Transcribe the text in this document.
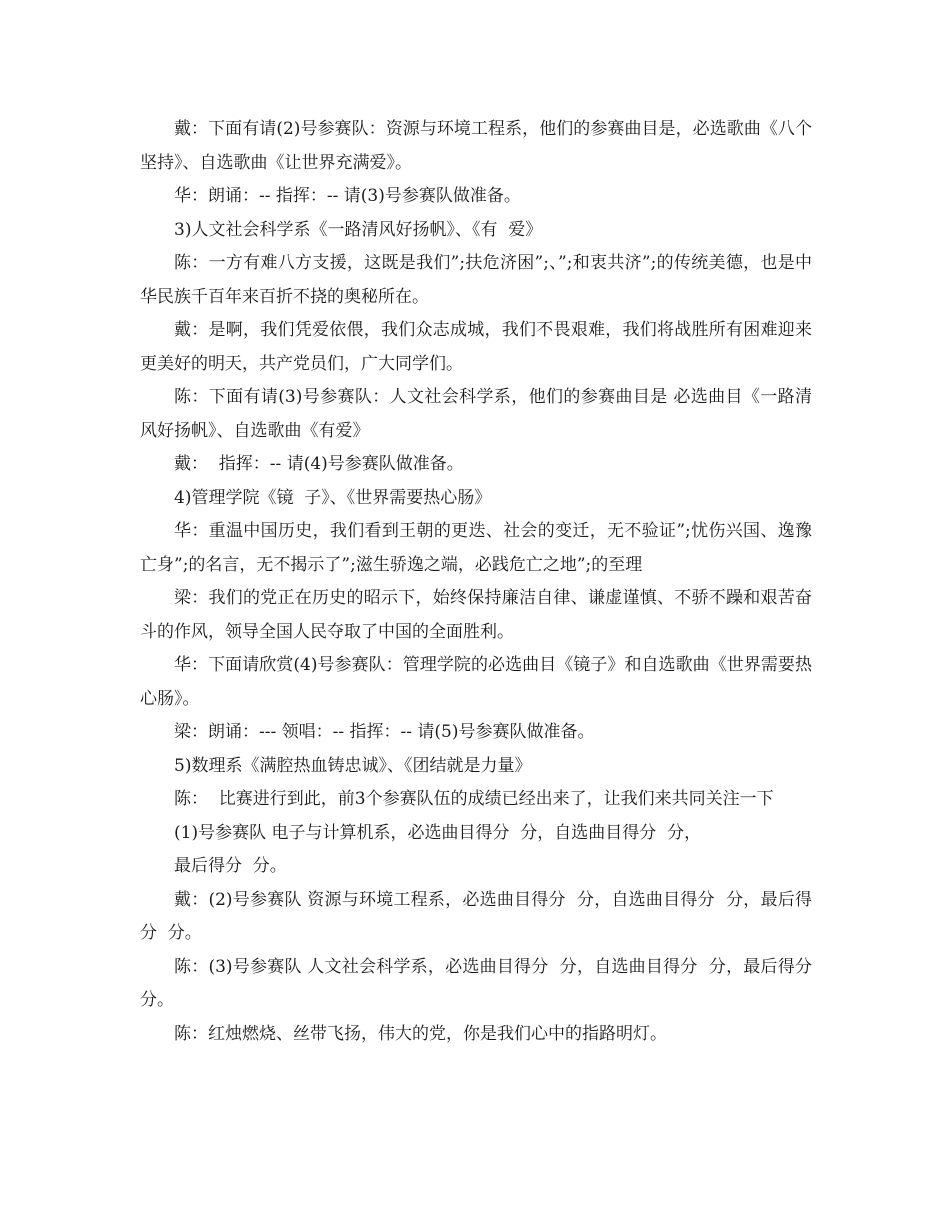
戴：下面有请(2)号参赛队：资源与环境工程系，他们的参赛曲目是，必选歌曲《八个坚持》、自选歌曲《让世界充满爱》。

华：朗诵：-- 指挥：-- 请(3)号参赛队做准备。

3)人文社会科学系《一路清风好扬帆》、《有  爱》

陈：一方有难八方支援，这既是我们”;扶危济困”;、”;和衷共济”;的传统美德，也是中华民族千百年来百折不挠的奥秘所在。

戴：是啊，我们凭爱依偎，我们众志成城，我们不畏艰难，我们将战胜所有困难迎来更美好的明天，共产党员们，广大同学们。

陈：下面有请(3)号参赛队：人文社会科学系，他们的参赛曲目是 必选曲目《一路清风好扬帆》、自选歌曲《有爱》

戴：  指挥：-- 请(4)号参赛队做准备。

4)管理学院《镜  子》、《世界需要热心肠》

华：重温中国历史，我们看到王朝的更迭、社会的变迁，无不验证”;忧伤兴国、逸豫亡身”;的名言，无不揭示了”;滋生骄逸之端，必践危亡之地”;的至理

梁：我们的党正在历史的昭示下，始终保持廉洁自律、谦虚谨慎、不骄不躁和艰苦奋斗的作风，领导全国人民夺取了中国的全面胜利。

华：下面请欣赏(4)号参赛队：管理学院的必选曲目《镜子》和自选歌曲《世界需要热心肠》。

梁：朗诵：--- 领唱：-- 指挥：-- 请(5)号参赛队做准备。

5)数理系《满腔热血铸忠诚》、《团结就是力量》

陈：  比赛进行到此，前3个参赛队伍的成绩已经出来了，让我们来共同关注一下

(1)号参赛队 电子与计算机系，必选曲目得分  分，自选曲目得分  分，

最后得分  分。

戴：(2)号参赛队 资源与环境工程系，必选曲目得分  分，自选曲目得分  分，最后得分  分。

陈：(3)号参赛队 人文社会科学系，必选曲目得分  分，自选曲目得分  分，最后得分  分。

陈：红烛燃烧、丝带飞扬，伟大的党，你是我们心中的指路明灯。
